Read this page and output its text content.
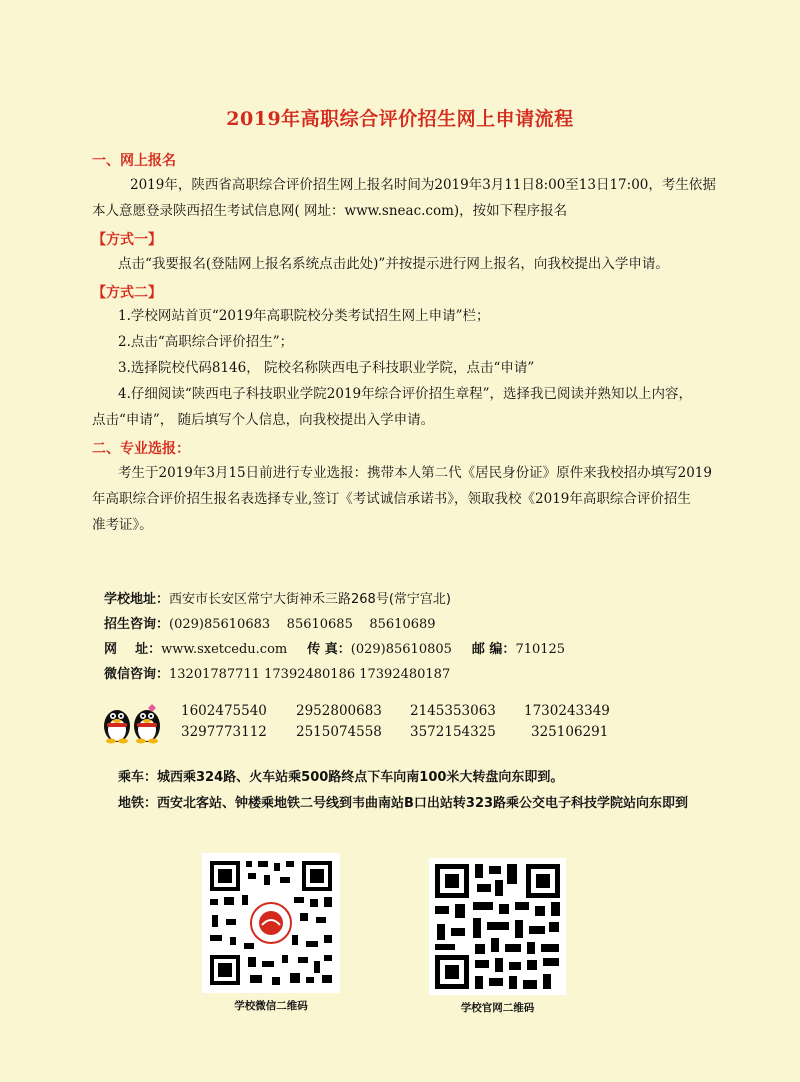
2019年高职综合评价招生网上申请流程
一、网上报名
2019年，陕西省高职综合评价招生网上报名时间为2019年3月11日8:00至13日17:00，考生依据
本人意愿登录陕西招生考试信息网( 网址：www.sneac.com)，按如下程序报名
【方式一】
点击“我要报名(登陆网上报名系统点击此处)”并按提示进行网上报名，向我校提出入学申请。
【方式二】
1.学校网站首页“2019年高职院校分类考试招生网上申请”栏；
2.点击“高职综合评价招生”；
3.选择院校代码8146， 院校名称陕西电子科技职业学院，点击“申请”
4.仔细阅读“陕西电子科技职业学院2019年综合评价招生章程”，选择我已阅读并熟知以上内容，
点击“申请”， 随后填写个人信息，向我校提出入学申请。
二、专业选报：
考生于2019年3月15日前进行专业选报：携带本人第二代《居民身份证》原件来我校招办填写2019
年高职综合评价招生报名表选择专业,签订《考试诚信承诺书》，领取我校《2019年高职综合评价招生
准考证》。
学校地址：西安市长安区常宁大街神禾三路268号(常宁宫北)
招生咨询：(029)85610683    85610685    85610689
网    址：www.sxetcedu.com 传 真：(029)85610805 邮 编：710125
微信咨询：13201787711 17392480186 17392480187
1602475540 2952800683 2145353063 1730243349
3297773112 2515074558 3572154325	325106291
乘车：城西乘324路、火车站乘500路终点下车向南100米大转盘向东即到。
地铁：西安北客站、钟楼乘地铁二号线到韦曲南站B口出站转323路乘公交电子科技学院站向东即到
学校微信二维码	学校官网二维码
